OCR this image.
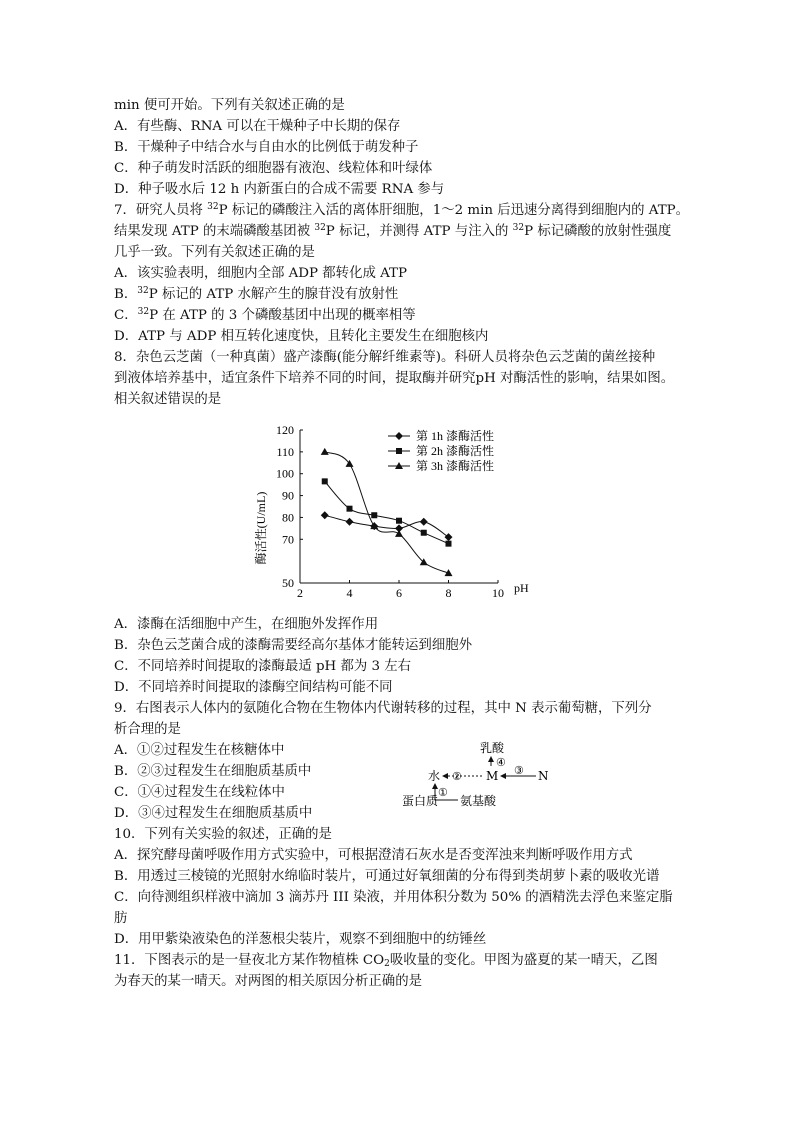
min 便可开始。下列有关叙述正确的是
A．有些酶、RNA 可以在干燥种子中长期的保存
B．干燥种子中结合水与自由水的比例低于萌发种子
C．种子萌发时活跃的细胞器有液泡、线粒体和叶绿体
D．种子吸水后 12 h 内新蛋白的合成不需要 RNA 参与
7．研究人员将 $^{32}$P 标记的磷酸注入活的离体肝细胞，1～2 min 后迅速分离得到细胞内的 ATP。
结果发现 ATP 的末端磷酸基团被 $^{32}$P 标记，并测得 ATP 与注入的 $^{32}$P 标记磷酸的放射性强度
几乎一致。下列有关叙述正确的是
A．该实验表明，细胞内全部 ADP 都转化成 ATP
B．$^{32}$P 标记的 ATP 水解产生的腺苷没有放射性
C．$^{32}$P 在 ATP 的 3 个磷酸基团中出现的概率相等
D．ATP 与 ADP 相互转化速度快，且转化主要发生在细胞核内
8．杂色云芝菌（一种真菌）盛产漆酶(能分解纤维素等)。科研人员将杂色云芝菌的菌丝接种
到液体培养基中，适宜条件下培养不同的时间，提取酶并研究pH 对酶活性的影响，结果如图。
相关叙述错误的是
酶活性(U/mL)
pH
2	4	6	8	10
50
70
80
90
100
110
120	第 1h 漆酶活性
第 2h 漆酶活性
第 3h 漆酶活性
A．漆酶在活细胞中产生，在细胞外发挥作用
B．杂色云芝菌合成的漆酶需要经高尔基体才能转运到细胞外
C．不同培养时间提取的漆酶最适 pH 都为 3 左右
D．不同培养时间提取的漆酶空间结构可能不同
9．右图表示人体内的氨随化合物在生物体内代谢转移的过程，其中 N 表示葡萄糖，下列分
析合理的是
A．①②过程发生在核糖体中
B．②③过程发生在细胞质基质中
C．①④过程发生在线粒体中
D．③④过程发生在细胞质基质中
乳酸
④
M ③ N
②
水
①
氨基酸
蛋白质
10．下列有关实验的叙述，正确的是
A．探究酵母菌呼吸作用方式实验中，可根据澄清石灰水是否变浑浊来判断呼吸作用方式
B．用透过三棱镜的光照射水绵临时装片，可通过好氧细菌的分布得到类胡萝卜素的吸收光谱
C．向待测组织样液中滴加 3 滴苏丹 III 染液，并用体积分数为 50% 的酒精洗去浮色来鉴定脂
肪
D．用甲紫染液染色的洋葱根尖装片，观察不到细胞中的纺锤丝
11．下图表示的是一昼夜北方某作物植株 $CO_2$吸收量的变化。甲图为盛夏的某一晴天，乙图
为春天的某一晴天。对两图的相关原因分析正确的是
